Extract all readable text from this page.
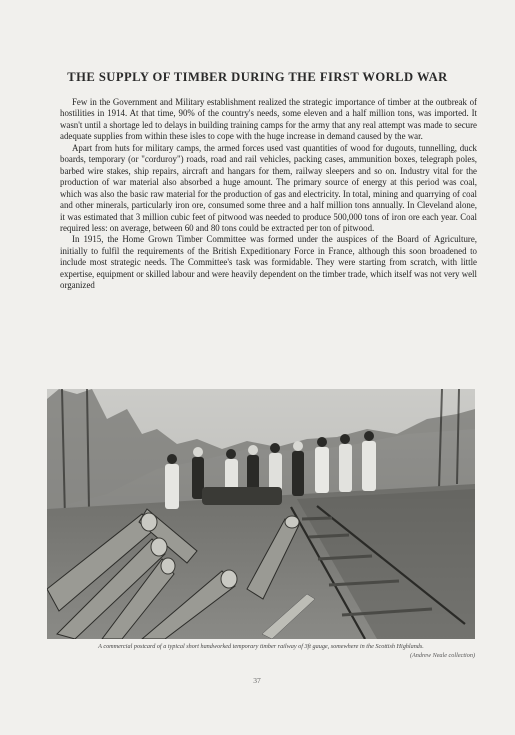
THE SUPPLY OF TIMBER DURING THE FIRST WORLD WAR

Few in the Government and Military establishment realized the strategic importance of timber at the outbreak of hostilities in 1914. At that time, 90% of the country's needs, some eleven and a half million tons, was imported. It wasn't until a shortage led to delays in building training camps for the army that any real attempt was made to secure adequate supplies from within these isles to cope with the huge increase in demand caused by the war.

Apart from huts for military camps, the armed forces used vast quantities of wood for dugouts, tunnelling, duck boards, temporary (or "corduroy") roads, road and rail vehicles, packing cases, ammunition boxes, telegraph poles, barbed wire stakes, ship repairs, aircraft and hangars for them, railway sleepers and so on. Industry vital for the production of war material also absorbed a huge amount. The primary source of energy at this period was coal, which was also the basic raw material for the production of gas and electricity. In total, mining and quarrying of coal and other minerals, particularly iron ore, consumed some three and a half million tons annually. In Cleveland alone, it was estimated that 3 million cubic feet of pitwood was needed to produce 500,000 tons of iron ore each year. Coal required less: on average, between 60 and 80 tons could be extracted per ton of pitwood.

In 1915, the Home Grown Timber Committee was formed under the auspices of the Board of Agriculture, initially to fulfil the requirements of the British Expeditionary Force in France, although this soon broadened to include most strategic needs. The Committee's task was formidable. They were starting from scratch, with little expertise, equipment or skilled labour and were heavily dependent on the timber trade, which itself was not very well organized

A commercial postcard of a typical short handworked temporary timber railway of 3ft gauge, somewhere in the Scottish Highlands.
(Andrew Neale collection)
37
